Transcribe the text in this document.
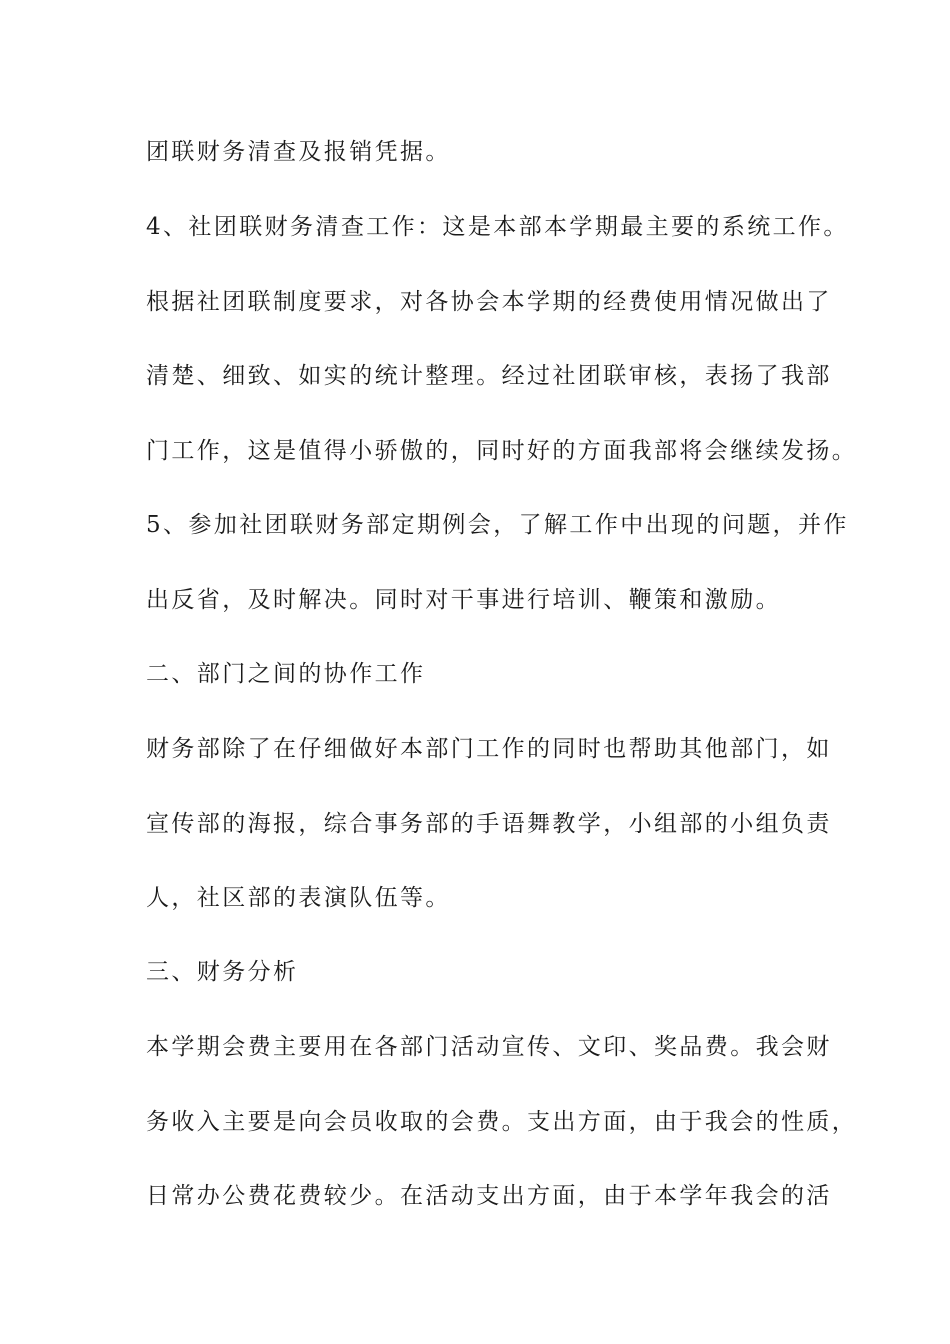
团联财务清查及报销凭据。
4、社团联财务清查工作：这是本部本学期最主要的系统工作。
根据社团联制度要求，对各协会本学期的经费使用情况做出了
清楚、细致、如实的统计整理。经过社团联审核，表扬了我部
门工作，这是值得小骄傲的，同时好的方面我部将会继续发扬。
5、参加社团联财务部定期例会，了解工作中出现的问题，并作
出反省，及时解决。同时对干事进行培训、鞭策和激励。
二、部门之间的协作工作
财务部除了在仔细做好本部门工作的同时也帮助其他部门，如
宣传部的海报，综合事务部的手语舞教学，小组部的小组负责
人，社区部的表演队伍等。
三、财务分析
本学期会费主要用在各部门活动宣传、文印、奖品费。我会财
务收入主要是向会员收取的会费。支出方面，由于我会的性质，
日常办公费花费较少。在活动支出方面，由于本学年我会的活
